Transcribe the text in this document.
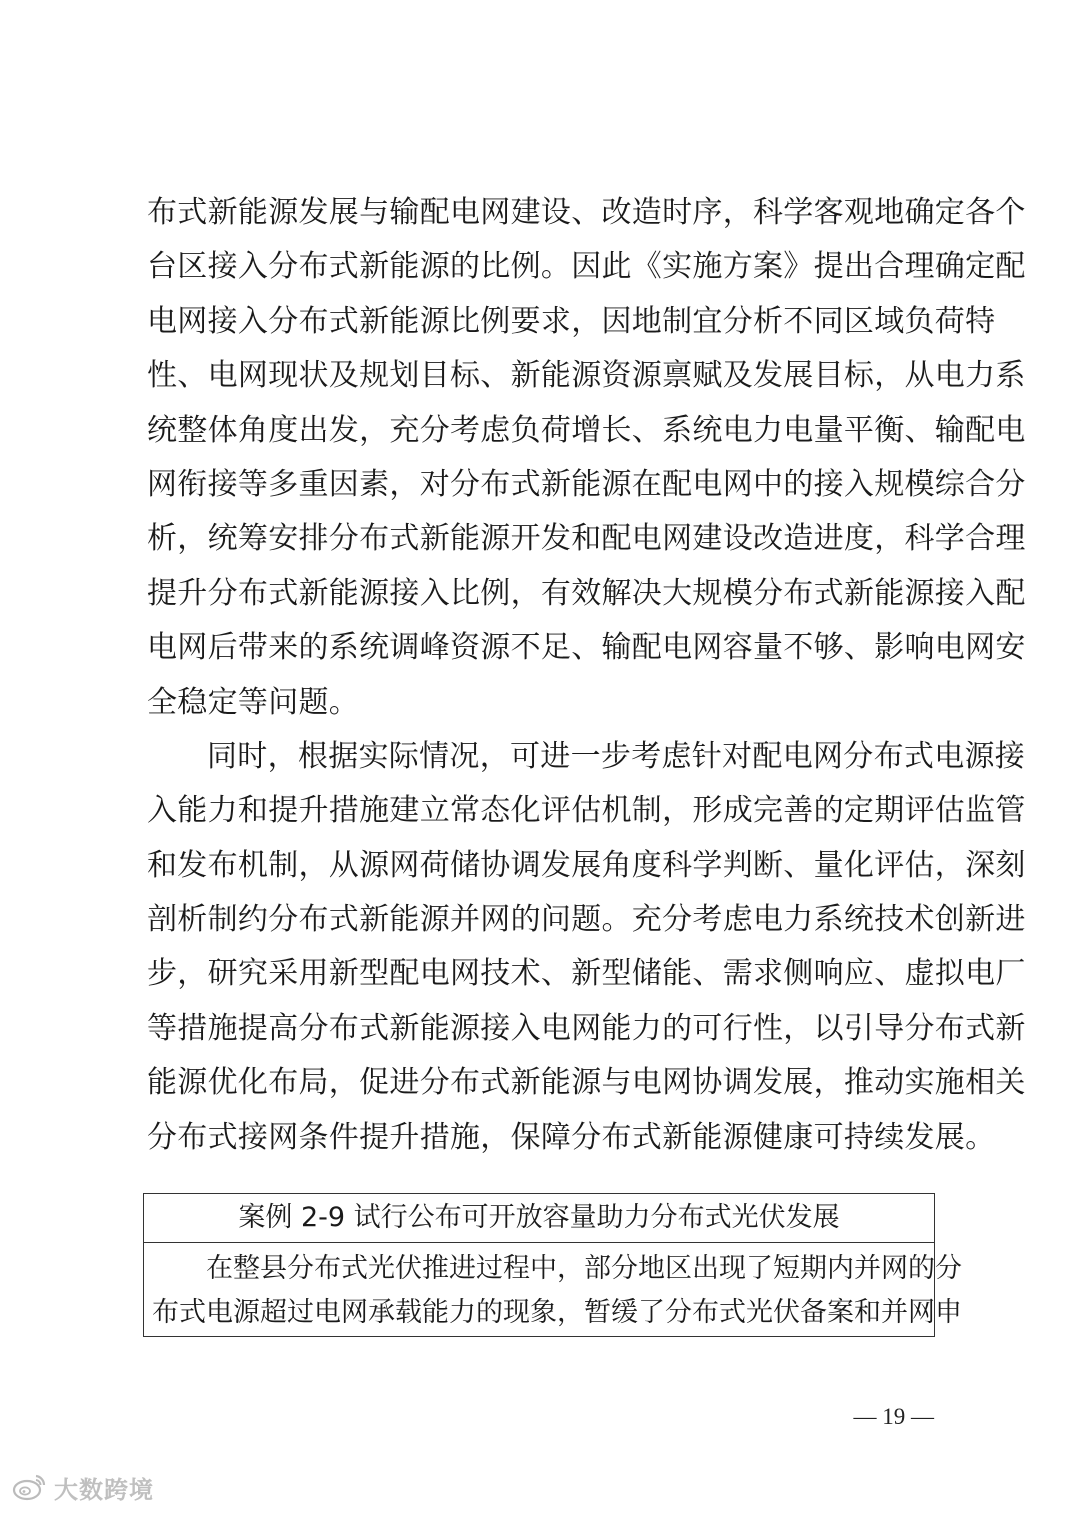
布式新能源发展与输配电网建设、改造时序，科学客观地确定各个
台区接入分布式新能源的比例。因此《实施方案》提出合理确定配
电网接入分布式新能源比例要求，因地制宜分析不同区域负荷特
性、电网现状及规划目标、新能源资源禀赋及发展目标，从电力系
统整体角度出发，充分考虑负荷增长、系统电力电量平衡、输配电
网衔接等多重因素，对分布式新能源在配电网中的接入规模综合分
析，统筹安排分布式新能源开发和配电网建设改造进度，科学合理
提升分布式新能源接入比例，有效解决大规模分布式新能源接入配
电网后带来的系统调峰资源不足、输配电网容量不够、影响电网安
全稳定等问题。
同时，根据实际情况，可进一步考虑针对配电网分布式电源接
入能力和提升措施建立常态化评估机制，形成完善的定期评估监管
和发布机制，从源网荷储协调发展角度科学判断、量化评估，深刻
剖析制约分布式新能源并网的问题。充分考虑电力系统技术创新进
步，研究采用新型配电网技术、新型储能、需求侧响应、虚拟电厂
等措施提高分布式新能源接入电网能力的可行性，以引导分布式新
能源优化布局，促进分布式新能源与电网协调发展，推动实施相关
分布式接网条件提升措施，保障分布式新能源健康可持续发展。
案例 2-9 试行公布可开放容量助力分布式光伏发展
在整县分布式光伏推进过程中，部分地区出现了短期内并网的分
布式电源超过电网承载能力的现象，暂缓了分布式光伏备案和并网申
— 19 —
大数跨境
